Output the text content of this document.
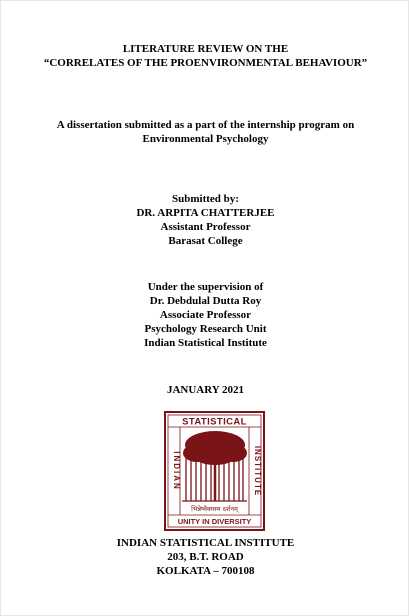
LITERATURE REVIEW ON THE
“CORRELATES OF THE PROENVIRONMENTAL BEHAVIOUR”
A dissertation submitted as a part of the internship program on
Environmental Psychology
Submitted by:
DR. ARPITA CHATTERJEE
Assistant Professor
Barasat College
Under the supervision of
Dr. Debdulal Dutta Roy
Associate Professor
Psychology Research Unit
Indian Statistical Institute
JANUARY 2021
STATISTICAL
INDIAN	INSTITUTE
भिन्नेष्वैक्यस्य दर्शनम्
UNITY IN DIVERSITY
INDIAN STATISTICAL INSTITUTE
203, B.T. ROAD
KOLKATA – 700108
